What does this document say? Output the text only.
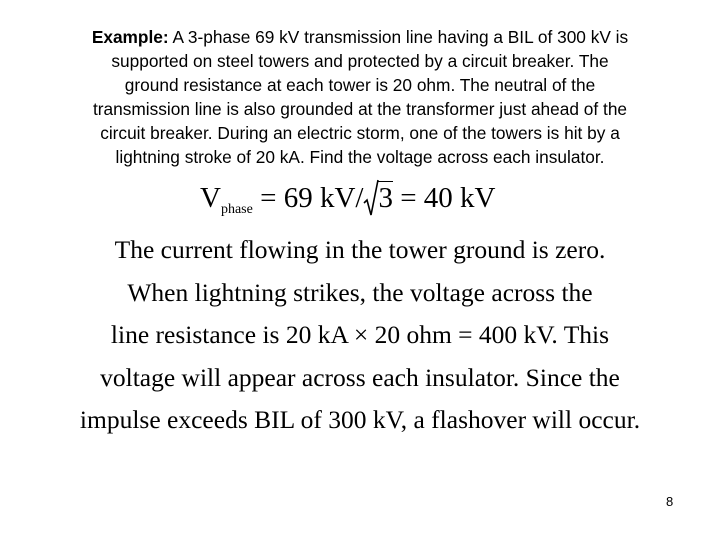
Example: A 3-phase 69 kV transmission line having a BIL of 300 kV is
supported on steel towers and protected by a circuit breaker. The
ground resistance at each tower is 20 ohm. The neutral of the
transmission line is also grounded at the transformer just ahead of the
circuit breaker. During an electric storm, one of the towers is hit by a
lightning stroke of 20 kA. Find the voltage across each insulator.
$V_{phase} = 69$ kV/ 3 = 40 kV
The current flowing in the tower ground is zero.
When lightning strikes, the voltage across the
line resistance is 20 kA × 20 ohm = 400 kV. This
voltage will appear across each insulator. Since the
impulse exceeds BIL of 300 kV, a flashover will occur.
8
